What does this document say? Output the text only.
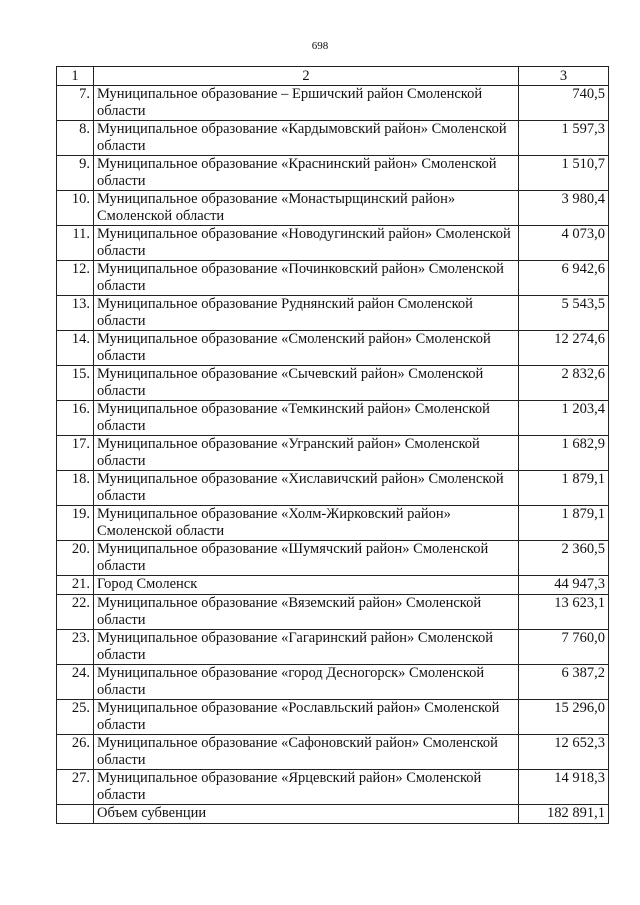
698
1	2	3
7.	Муниципальное образование – Ершичский район Смоленской области	740,5
8.	Муниципальное образование «Кардымовский район» Смоленской области	1 597,3
9.	Муниципальное образование «Краснинский район» Смоленской области	1 510,7
10.	Муниципальное образование «Монастырщинский район» Смоленской области	3 980,4
11.	Муниципальное образование «Новодугинский район» Смоленской области	4 073,0
12.	Муниципальное образование «Починковский район» Смоленской области	6 942,6
13.	Муниципальное образование Руднянский район Смоленской области	5 543,5
14.	Муниципальное образование «Смоленский район» Смоленской области	12 274,6
15.	Муниципальное образование «Сычевский район» Смоленской области	2 832,6
16.	Муниципальное образование «Темкинский район» Смоленской области	1 203,4
17.	Муниципальное образование «Угранский район» Смоленской области	1 682,9
18.	Муниципальное образование «Хиславичский район» Смоленской области	1 879,1
19.	Муниципальное образование «Холм-Жирковский район» Смоленской области	1 879,1
20.	Муниципальное образование «Шумячский район» Смоленской области	2 360,5
21.	Город Смоленск	44 947,3
22.	Муниципальное образование «Вяземский район» Смоленской области	13 623,1
23.	Муниципальное образование «Гагаринский район» Смоленской области	7 760,0
24.	Муниципальное образование «город Десногорск» Смоленской области	6 387,2
25.	Муниципальное образование «Рославльский район» Смоленской области	15 296,0
26.	Муниципальное образование «Сафоновский район» Смоленской области	12 652,3
27.	Муниципальное образование «Ярцевский район» Смоленской области	14 918,3
	Объем субвенции	182 891,1
